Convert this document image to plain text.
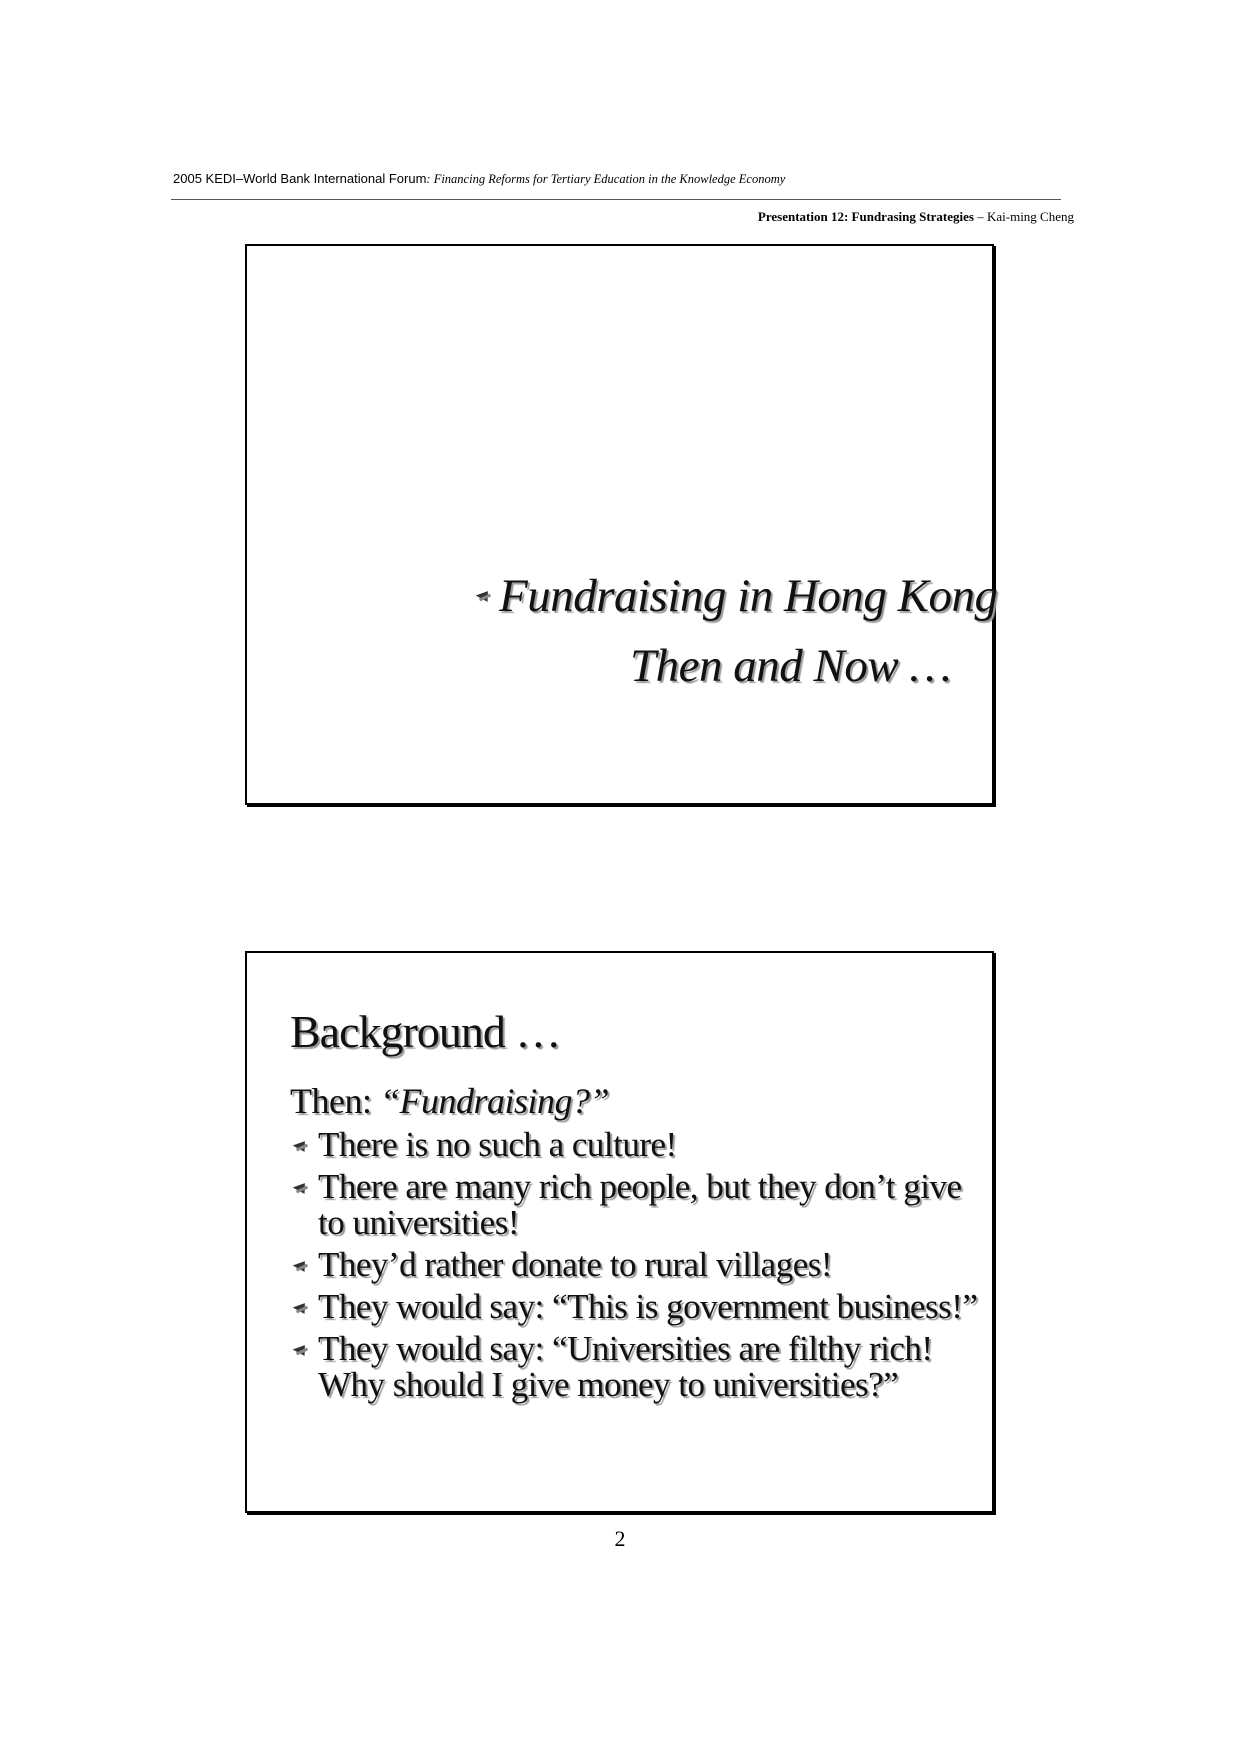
2005 KEDI–World Bank International Forum: Financing Reforms for Tertiary Education in the Knowledge Economy
Presentation 12: Fundrasing Strategies – Kai-ming Cheng
Fundraising in Hong Kong
Then and Now …
Background …
Then: “Fundraising?”
There is no such a culture!
There are many rich people, but they don’t give to universities!
They’d rather donate to rural villages!
They would say: “This is government business!”
They would say: “Universities are filthy rich! Why should I give money to universities?”
2
